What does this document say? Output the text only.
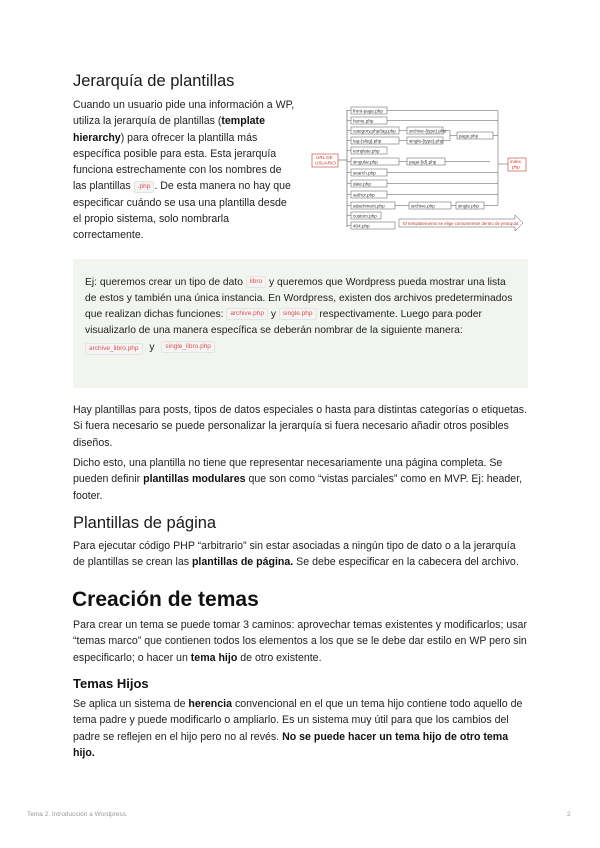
Jerarquía de plantillas

Cuando un usuario pide una información a WP, utiliza la jerarquía de plantillas (template hierarchy) para ofrecer la plantilla más específica posible para esta. Esta jerarquía funciona estrechamente con los nombres de las plantillas .php . De esta manera no hay que especificar cuándo se usa una plantilla desde el propio sistema, solo nombrarla correctamente.

URL DE
USUARIO
front-page.php
home.php
category.php/tag.php
tag-{slug}.php
template.php
singular.php
search.php
date.php
author.php
attachment.php
custom.php
404.php
archive-{type}.php
single-{type}.php
page-{id}.php
archive.php	single.php
page.php
index.
php
El templatemento se elige comunmente dentro de jerarquía

Ej: queremos crear un tipo de dato libro y queremos que Wordpress pueda mostrar una lista de estos y también una única instancia. En Wordpress, existen dos archivos predeterminados que realizan dichas funciones: archive.php y single.php respectivamente. Luego para poder visualizarlo de una manera específica se deberán nombrar de la siguiente manera:
archive_libro.php y single_libro.php

Hay plantillas para posts, tipos de datos especiales o hasta para distintas categorías o etiquetas. Si fuera necesario se puede personalizar la jerarquía si fuera necesario añadir otros posibles diseños.

Dicho esto, una plantilla no tiene que representar necesariamente una página completa. Se pueden definir plantillas modulares que son como “vistas parciales” como en MVP. Ej: header, footer.

Plantillas de página

Para ejecutar código PHP “arbitrario” sin estar asociadas a ningún tipo de dato o a la jerarquía de plantillas se crean las plantillas de página. Se debe especificar en la cabecera del archivo.

Creación de temas

Para crear un tema se puede tomar 3 caminos: aprovechar temas existentes y modificarlos; usar “temas marco” que contienen todos los elementos a los que se le debe dar estilo en WP pero sin especificarlo; o hacer un tema hijo de otro existente.

Temas Hijos

Se aplica un sistema de herencia convencional en el que un tema hijo contiene todo aquello de tema padre y puede modificarlo o ampliarlo. Es un sistema muy útil para que los cambios del padre se reflejen en el hijo pero no al revés. No se puede hacer un tema hijo de otro tema hijo.

Tema 2. Introducción a Wordpress.	2
